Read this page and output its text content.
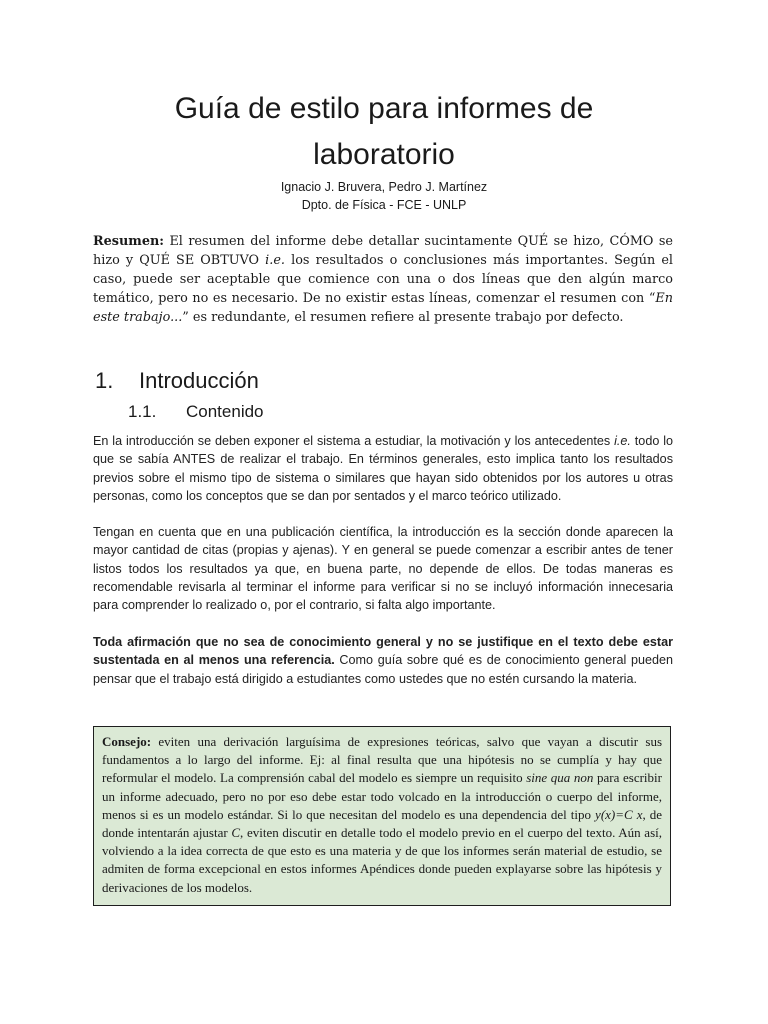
Guía de estilo para informes de
laboratorio
Ignacio J. Bruvera, Pedro J. Martínez
Dpto. de Física - FCE - UNLP

Resumen: El resumen del informe debe detallar sucintamente QUÉ se hizo, CÓMO se hizo y QUÉ SE OBTUVO i.e. los resultados o conclusiones más importantes. Según el caso, puede ser aceptable que comience con una o dos líneas que den algún marco temático, pero no es necesario. De no existir estas líneas, comenzar el resumen con “En este trabajo...” es redundante, el resumen refiere al presente trabajo por defecto.

1. Introducción
1.1. Contenido

En la introducción se deben exponer el sistema a estudiar, la motivación y los antecedentes i.e. todo lo que se sabía ANTES de realizar el trabajo. En términos generales, esto implica tanto los resultados previos sobre el mismo tipo de sistema o similares que hayan sido obtenidos por los autores u otras personas, como los conceptos que se dan por sentados y el marco teórico utilizado.

Tengan en cuenta que en una publicación científica, la introducción es la sección donde aparecen la mayor cantidad de citas (propias y ajenas). Y en general se puede comenzar a escribir antes de tener listos todos los resultados ya que, en buena parte, no depende de ellos. De todas maneras es recomendable revisarla al terminar el informe para verificar si no se incluyó información innecesaria para comprender lo realizado o, por el contrario, si falta algo importante.

Toda afirmación que no sea de conocimiento general y no se justifique en el texto debe estar sustentada en al menos una referencia. Como guía sobre qué es de conocimiento general pueden pensar que el trabajo está dirigido a estudiantes como ustedes que no estén cursando la materia.

Consejo: eviten una derivación larguísima de expresiones teóricas, salvo que vayan a discutir sus fundamentos a lo largo del informe. Ej: al final resulta que una hipótesis no se cumplía y hay que reformular el modelo. La comprensión cabal del modelo es siempre un requisito sine qua non para escribir un informe adecuado, pero no por eso debe estar todo volcado en la introducción o cuerpo del informe, menos si es un modelo estándar. Si lo que necesitan del modelo es una dependencia del tipo y(x)=C x, de donde intentarán ajustar C, eviten discutir en detalle todo el modelo previo en el cuerpo del texto. Aún así, volviendo a la idea correcta de que esto es una materia y de que los informes serán material de estudio, se admiten de forma excepcional en estos informes Apéndices donde pueden explayarse sobre las hipótesis y derivaciones de los modelos.
